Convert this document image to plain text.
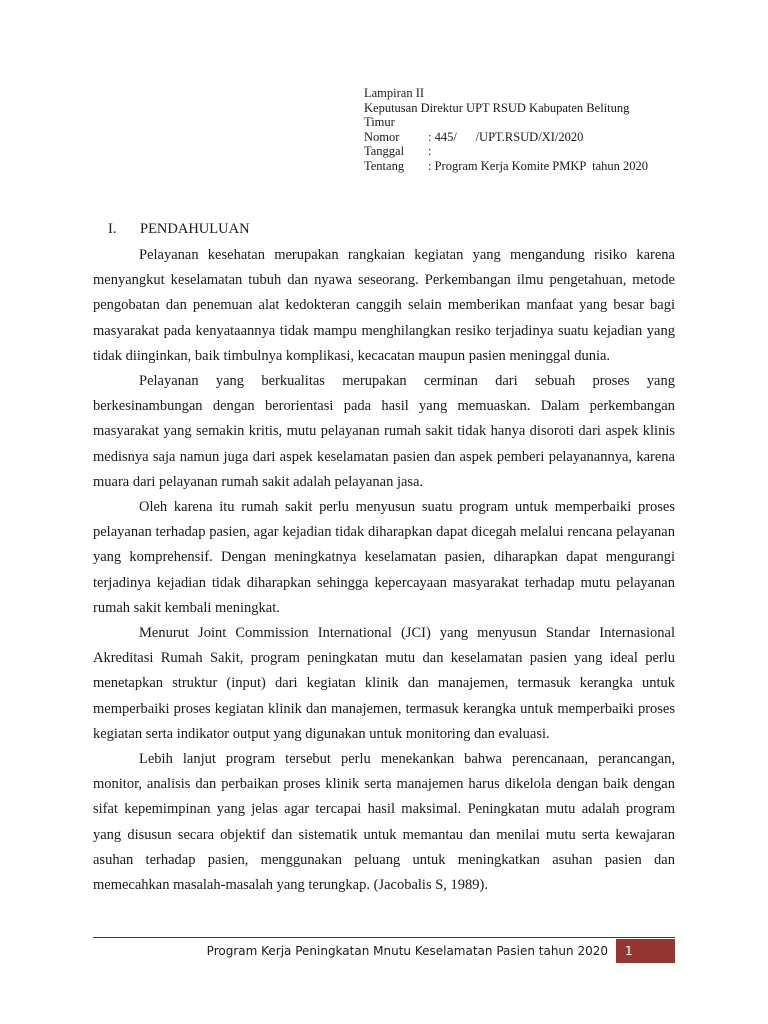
Lampiran II
Keputusan Direktur UPT RSUD Kabupaten Belitung
Timur
Nomor	: 445/      /UPT.RSUD/XI/2020
Tanggal	:
Tentang	: Program Kerja Komite PMKP  tahun 2020
I.	PENDAHULUAN

Pelayanan kesehatan merupakan rangkaian kegiatan yang mengandung risiko karena menyangkut keselamatan tubuh dan nyawa seseorang. Perkembangan ilmu pengetahuan, metode pengobatan dan penemuan alat kedokteran canggih selain memberikan manfaat yang besar bagi masyarakat pada kenyataannya tidak mampu menghilangkan resiko terjadinya suatu kejadian yang tidak diinginkan, baik timbulnya komplikasi, kecacatan maupun pasien meninggal dunia.

Pelayanan yang berkualitas merupakan cerminan dari sebuah proses yang berkesinambungan dengan berorientasi pada hasil yang memuaskan. Dalam perkembangan masyarakat yang semakin kritis, mutu pelayanan rumah sakit tidak hanya disoroti dari aspek klinis medisnya saja namun juga dari aspek keselamatan pasien dan aspek pemberi pelayanannya, karena muara dari pelayanan rumah sakit adalah pelayanan jasa.

Oleh karena itu rumah sakit perlu menyusun suatu program untuk memperbaiki proses pelayanan terhadap pasien, agar kejadian tidak diharapkan dapat dicegah melalui rencana pelayanan yang komprehensif. Dengan meningkatnya keselamatan pasien, diharapkan dapat mengurangi terjadinya kejadian tidak diharapkan sehingga kepercayaan masyarakat terhadap mutu pelayanan rumah sakit kembali meningkat.

Menurut Joint Commission International (JCI) yang menyusun Standar Internasional Akreditasi Rumah Sakit, program peningkatan mutu dan keselamatan pasien yang ideal perlu menetapkan struktur (input) dari kegiatan klinik dan manajemen, termasuk kerangka untuk memperbaiki proses kegiatan klinik dan manajemen, termasuk kerangka untuk memperbaiki proses kegiatan serta indikator output yang digunakan untuk monitoring dan evaluasi.

Lebih lanjut program tersebut perlu menekankan bahwa perencanaan, perancangan, monitor, analisis dan perbaikan proses klinik serta manajemen harus dikelola dengan baik dengan sifat kepemimpinan yang jelas agar tercapai hasil maksimal. Peningkatan mutu adalah program yang disusun secara objektif dan sistematik untuk memantau dan menilai mutu serta kewajaran asuhan terhadap pasien, menggunakan peluang untuk meningkatkan asuhan pasien dan memecahkan masalah-masalah yang terungkap. (Jacobalis S, 1989).

Program Kerja Peningkatan Mnutu Keselamatan Pasien tahun 2020	1
